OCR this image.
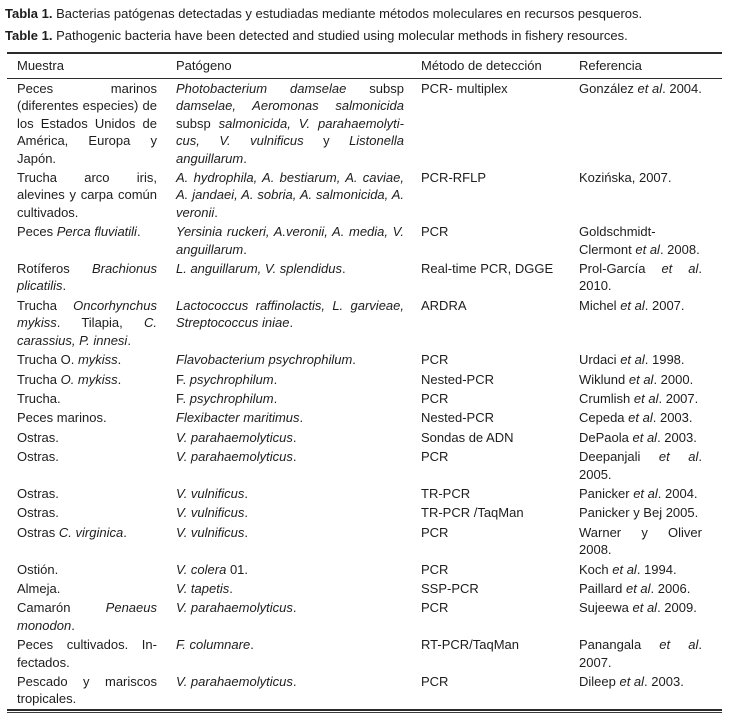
Tabla 1. Bacterias patógenas detectadas y estudiadas mediante métodos moleculares en recursos pesqueros.

Table 1. Pathogenic bacteria have been detected and studied using molecular methods in fishery resources.

Muestra	Patógeno	Método de detección	Referencia
Peces marinos (diferentes especies) de los Estados Unidos de América, Europa y Japón.	Photobacterium damselae subsp damselae, Aeromonas salmonicida subsp salmonicida, V. parahaemolyticus, V. vulnificus y Listonella anguillarum.	PCR- multiplex	González et al. 2004.
Trucha arco iris, alevines y carpa común cultivados.	A. hydrophila, A. bestiarum, A. caviae, A. jandaei, A. sobria, A. salmonicida, A. veronii.	PCR-RFLP	Kozińska, 2007.
Peces Perca fluviatili.	Yersinia ruckeri, A.veronii, A. media, V. anguillarum.	PCR	Goldschmidt-Clermont et al. 2008.
Rotíferos Brachionus plicatilis.	L. anguillarum, V. splendidus.	Real-time PCR, DGGE	Prol-García et al. 2010.
Trucha Oncorhynchus mykiss. Tilapia, C. carassius, P. innesi.	Lactococcus raffinolactis, L. garvieae, Streptococcus iniae.	ARDRA	Michel et al. 2007.
Trucha O. mykiss.	Flavobacterium psychrophilum.	PCR	Urdaci et al. 1998.
Trucha O. mykiss.	F. psychrophilum.	Nested-PCR	Wiklund et al. 2000.
Trucha.	F. psychrophilum.	PCR	Crumlish et al. 2007.
Peces marinos.	Flexibacter maritimus.	Nested-PCR	Cepeda et al. 2003.
Ostras.	V. parahaemolyticus.	Sondas de ADN	DePaola et al. 2003.
Ostras.	V. parahaemolyticus.	PCR	Deepanjali et al. 2005.
Ostras.	V. vulnificus.	TR-PCR	Panicker et al. 2004.
Ostras.	V. vulnificus.	TR-PCR /TaqMan	Panicker y Bej 2005.
Ostras C. virginica.	V. vulnificus.	PCR	Warner y Oliver 2008.
Ostión.	V. colera 01.	PCR	Koch et al. 1994.
Almeja.	V. tapetis.	SSP-PCR	Paillard et al. 2006.
Camarón Penaeus monodon.	V. parahaemolyticus.	PCR	Sujeewa et al. 2009.
Peces cultivados. Infectados.	F. columnare.	RT-PCR/TaqMan	Panangala et al. 2007.
Pescado y mariscos tropicales.	V. parahaemolyticus.	PCR	Dileep et al. 2003.
